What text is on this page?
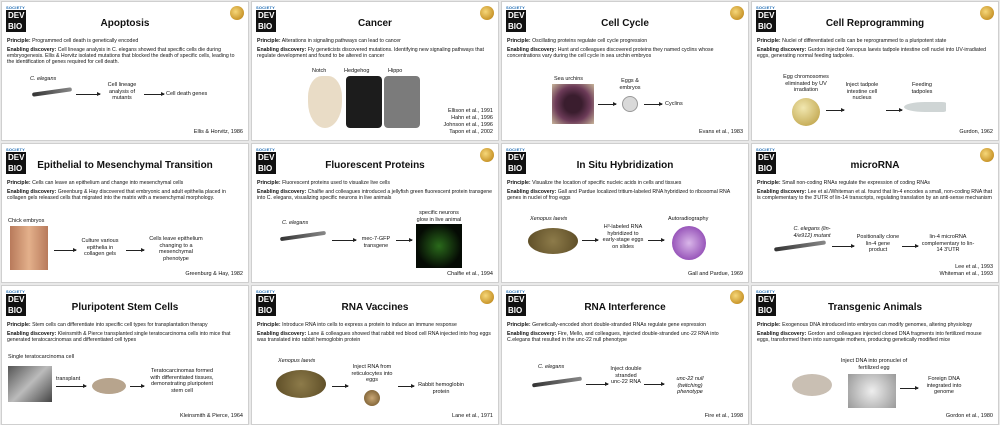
SOCIETY
DEV
BIO	Apoptosis
Principle: Programmed cell death is genetically encoded
Enabling discovery: Cell lineage analysis in C. elegans showed that specific cells die during embryogenesis. Ellis & Horvitz isolated mutations that blocked the death of specific cells, leading to the identification of genes required for cell death.
C. elegans
Cell lineage analysis of mutants
Cell death genes
Ellis & Horvitz, 1986
SOCIETY
DEV
BIO	Cancer
Principle: Alterations in signaling pathways can lead to cancer
Enabling discovery: Fly geneticists discovered mutations. Identifying new signaling pathways that regulate development and found to be altered in cancer
Notch	Hedgehog	Hippo
Ellison et al., 1991
Hahn et al., 1996
Johnson et al., 1996
Tapon et al., 2002
SOCIETY
DEV
BIO	Cell Cycle
Principle: Oscillating proteins regulate cell cycle progression
Enabling discovery: Hunt and colleagues discovered proteins they named cyclins whose concentrations vary during the cell cycle in sea urchin embryos
Sea urchins	Eggs & embryos
Cyclins
Evans et al., 1983
SOCIETY
DEV
BIO	Cell Reprogramming
Principle: Nuclei of differentiated cells can be reprogrammed to a pluripotent state
Enabling discovery: Gurdon injected Xenopus laevis tadpole intestine cell nuclei into UV-irradiated eggs, generating normal feeding tadpoles.
Egg chromosomes eliminated by UV irradiation
Inject tadpole intestine cell nucleus
Feeding tadpoles
Gurdon, 1962
SOCIETY
DEV
BIO	Epithelial to Mesenchymal Transition
Principle: Cells can leave an epithelium and change into mesenchymal cells
Enabling discovery: Greenburg & Hay discovered that embryonic and adult epithelia placed in collagen gels released cells that migrated into the matrix with a mesenchymal morphology.
Chick embryos
Culture various epithelia in collagen gels
Cells leave epithelium changing to a mesenchymal phenotype
Greenburg & Hay, 1982
SOCIETY
DEV
BIO	Fluorescent Proteins
Principle: Fluorescent proteins used to visualize live cells
Enabling discovery: Chalfie and colleagues introduced a jellyfish green fluorescent protein transgene into C. elegans, visualizing specific neurons in live animals
C. elegans
mec-7-GFP transgene
specific neurons glow in live animal
Chalfie et al., 1994
SOCIETY
DEV
BIO	In Situ Hybridization
Principle: Visualize the location of specific nucleic acids in cells and tissues
Enabling discovery: Gall and Pardue localized tritium-labeled RNA hybridized to ribosomal RNA genes in nuclei of frog eggs
Xenopus laevis
H³-labeled RNA hybridized to early-stage eggs on slides
Autoradiography
Gall and Pardue, 1969
SOCIETY
DEV
BIO	microRNA
Principle: Small non-coding RNAs regulate the expression of coding RNAs
Enabling discovery: Lee et al./Whiteman et al. found that lin-4 encodes a small, non-coding RNA that is complementary to the 3'UTR of lin-14 transcripts, regulating translation by an anti-sense mechanism
C. elegans (lin-4/e912) mutant	Positionally clone lin-4 gene product
lin-4 microRNA complementary to lin-14 3'UTR
Lee et al., 1993
Whiteman et al., 1993
SOCIETY
DEV
BIO	Pluripotent Stem Cells
Principle: Stem cells can differentiate into specific cell types for transplantation therapy
Enabling discovery: Kleinsmith & Pierce transplanted single teratocarcinoma cells into mice that generated teratocarcinomas and differentiated cell types
Single teratocarcinoma cell
transplant
Teratocarcinomas formed with differentiated tissues, demonstrating pluripotent stem cell
Kleinsmith & Pierce, 1964
SOCIETY
DEV
BIO	RNA Vaccines
Principle: Introduce RNA into cells to express a protein to induce an immune response
Enabling discovery: Lane & colleagues showed that rabbit red blood cell RNA injected into frog eggs was translated into rabbit hemoglobin protein
Xenopus laevis
Inject RNA from reticulocytes into eggs
Rabbit hemoglobin protein
Lane et al., 1971
SOCIETY
DEV
BIO	RNA Interference
Principle: Genetically-encoded short double-stranded RNAs regulate gene expression
Enabling discovery: Fire, Mello, and colleagues, injected double-stranded unc-22 RNA into C.elegans that resulted in the unc-22 null phenotype
C. elegans	Inject double stranded unc-22 RNA	unc-22 null (twitching) phenotype
Fire et al., 1998
SOCIETY
DEV
BIO	Transgenic Animals
Principle: Exogenous DNA introduced into embryos can modify genomes, altering physiology
Enabling discovery: Gordon and colleagues injected cloned DNA fragments into fertilized mouse eggs, transformed them into surrogate mothers, producing genetically modified mice
Inject DNA into pronuclei of fertilized egg
Foreign DNA integrated into genome
Gordon et al., 1980
